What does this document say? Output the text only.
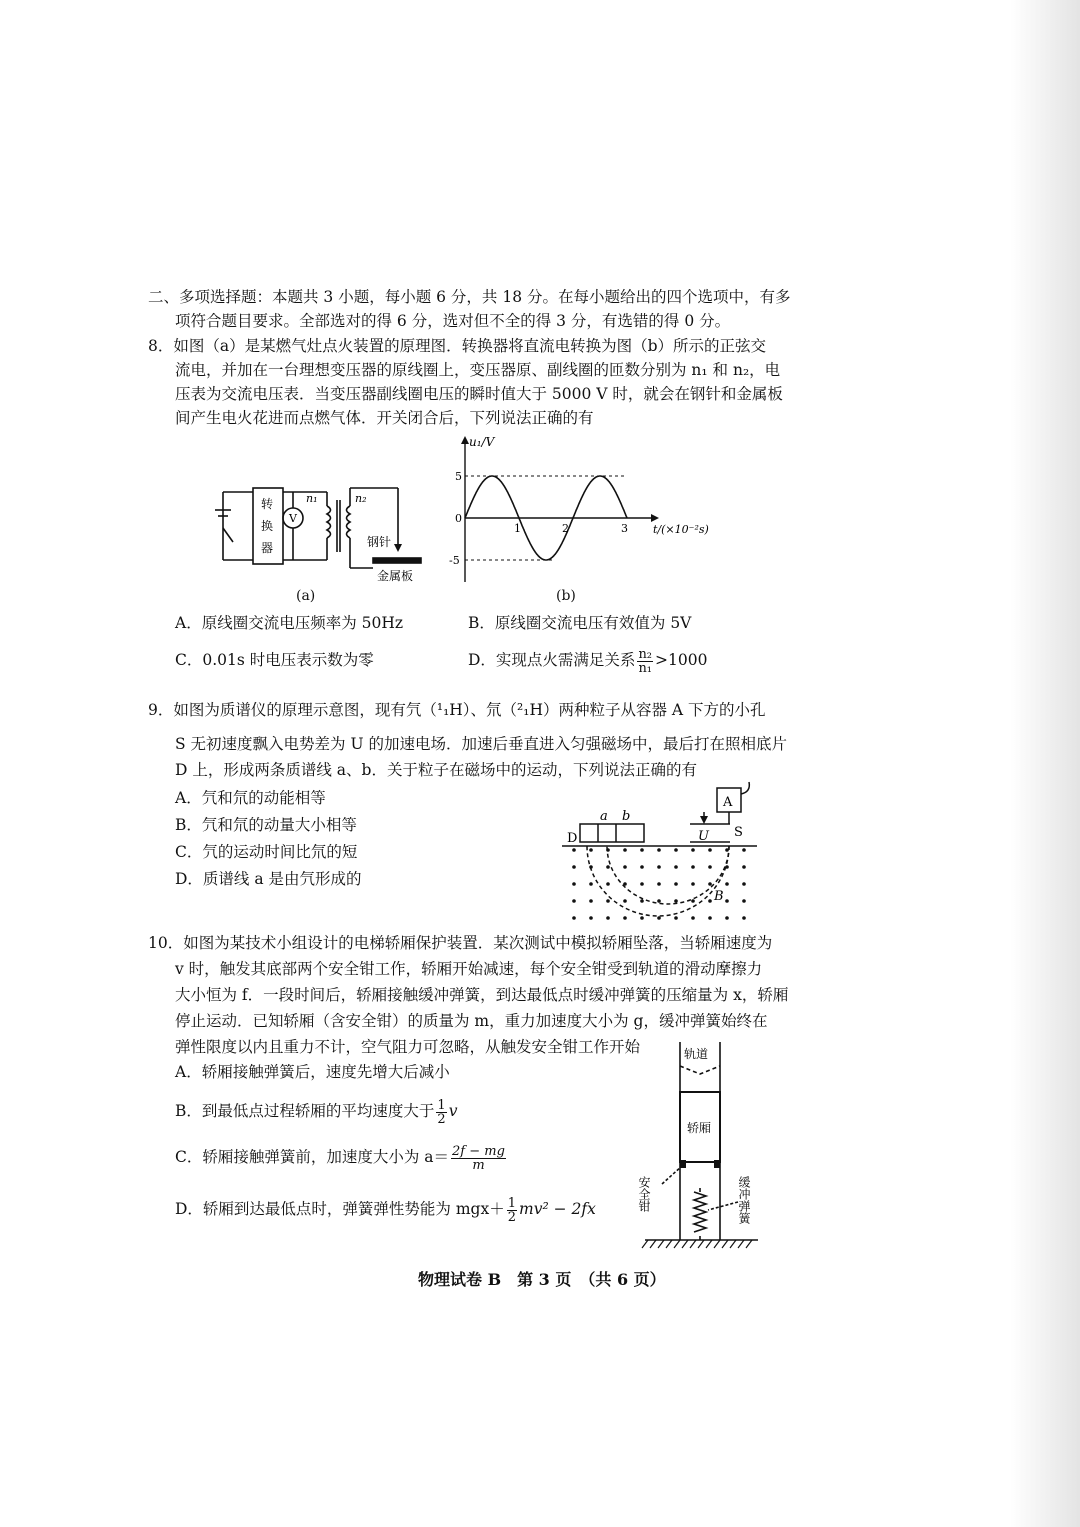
二、多项选择题：本题共 3 小题，每小题 6 分，共 18 分。在每小题给出的四个选项中，有多
项符合题目要求。全部选对的得 6 分，选对但不全的得 3 分，有选错的得 0 分。
8．如图（a）是某燃气灶点火装置的原理图．转换器将直流电转换为图（b）所示的正弦交
流电，并加在一台理想变压器的原线圈上，变压器原、副线圈的匝数分别为 n₁ 和 n₂，电
压表为交流电压表．当变压器副线圈电压的瞬时值大于 5000 V 时，就会在钢针和金属板
间产生电火花进而点燃气体．开关闭合后，下列说法正确的有
转
换
器
V
n₁	n₂
钢针
金属板
(a)
u₁/V
5
0
-5
1	2	3 t/(×10⁻²s)
(b)
A．原线圈交流电压频率为 50Hz	B．原线圈交流电压有效值为 5V
C．0.01s 时电压表示数为零	D．实现点火需满足关系 $\frac{\text{n₂}}{\text{n₁}} >1000$
9．如图为质谱仪的原理示意图，现有氕（¹₁H）、氘（²₁H）两种粒子从容器 A 下方的小孔
S 无初速度飘入电势差为 U 的加速电场．加速后垂直进入匀强磁场中，最后打在照相底片
D 上，形成两条质谱线 a、b．关于粒子在磁场中的运动，下列说法正确的有
A．氕和氘的动能相等
B．氕和氘的动量大小相等
C．氕的运动时间比氘的短
D．质谱线 a 是由氕形成的
a b
D	U S
A
B
10．如图为某技术小组设计的电梯轿厢保护装置．某次测试中模拟轿厢坠落，当轿厢速度为
v 时，触发其底部两个安全钳工作，轿厢开始减速，每个安全钳受到轨道的滑动摩擦力
大小恒为 f．一段时间后，轿厢接触缓冲弹簧，到达最低点时缓冲弹簧的压缩量为 x，轿厢
停止运动．已知轿厢（含安全钳）的质量为 m，重力加速度大小为 g，缓冲弹簧始终在
弹性限度以内且重力不计，空气阻力可忽略，从触发安全钳工作开始
A．轿厢接触弹簧后，速度先增大后减小
B．到最低点过程轿厢的平均速度大于 $\frac{1}{2}$ v
C．轿厢接触弹簧前，加速度大小为 $a= \frac{2f - mg}{m}$
D．轿厢到达最低点时，弹簧弹性势能为 $mgx+ \frac{1}{2} mv^2 - 2fx$
轨道
轿厢
安全钳	缓冲弹簧
物理试卷 B　第 3 页　（共 6 页）
